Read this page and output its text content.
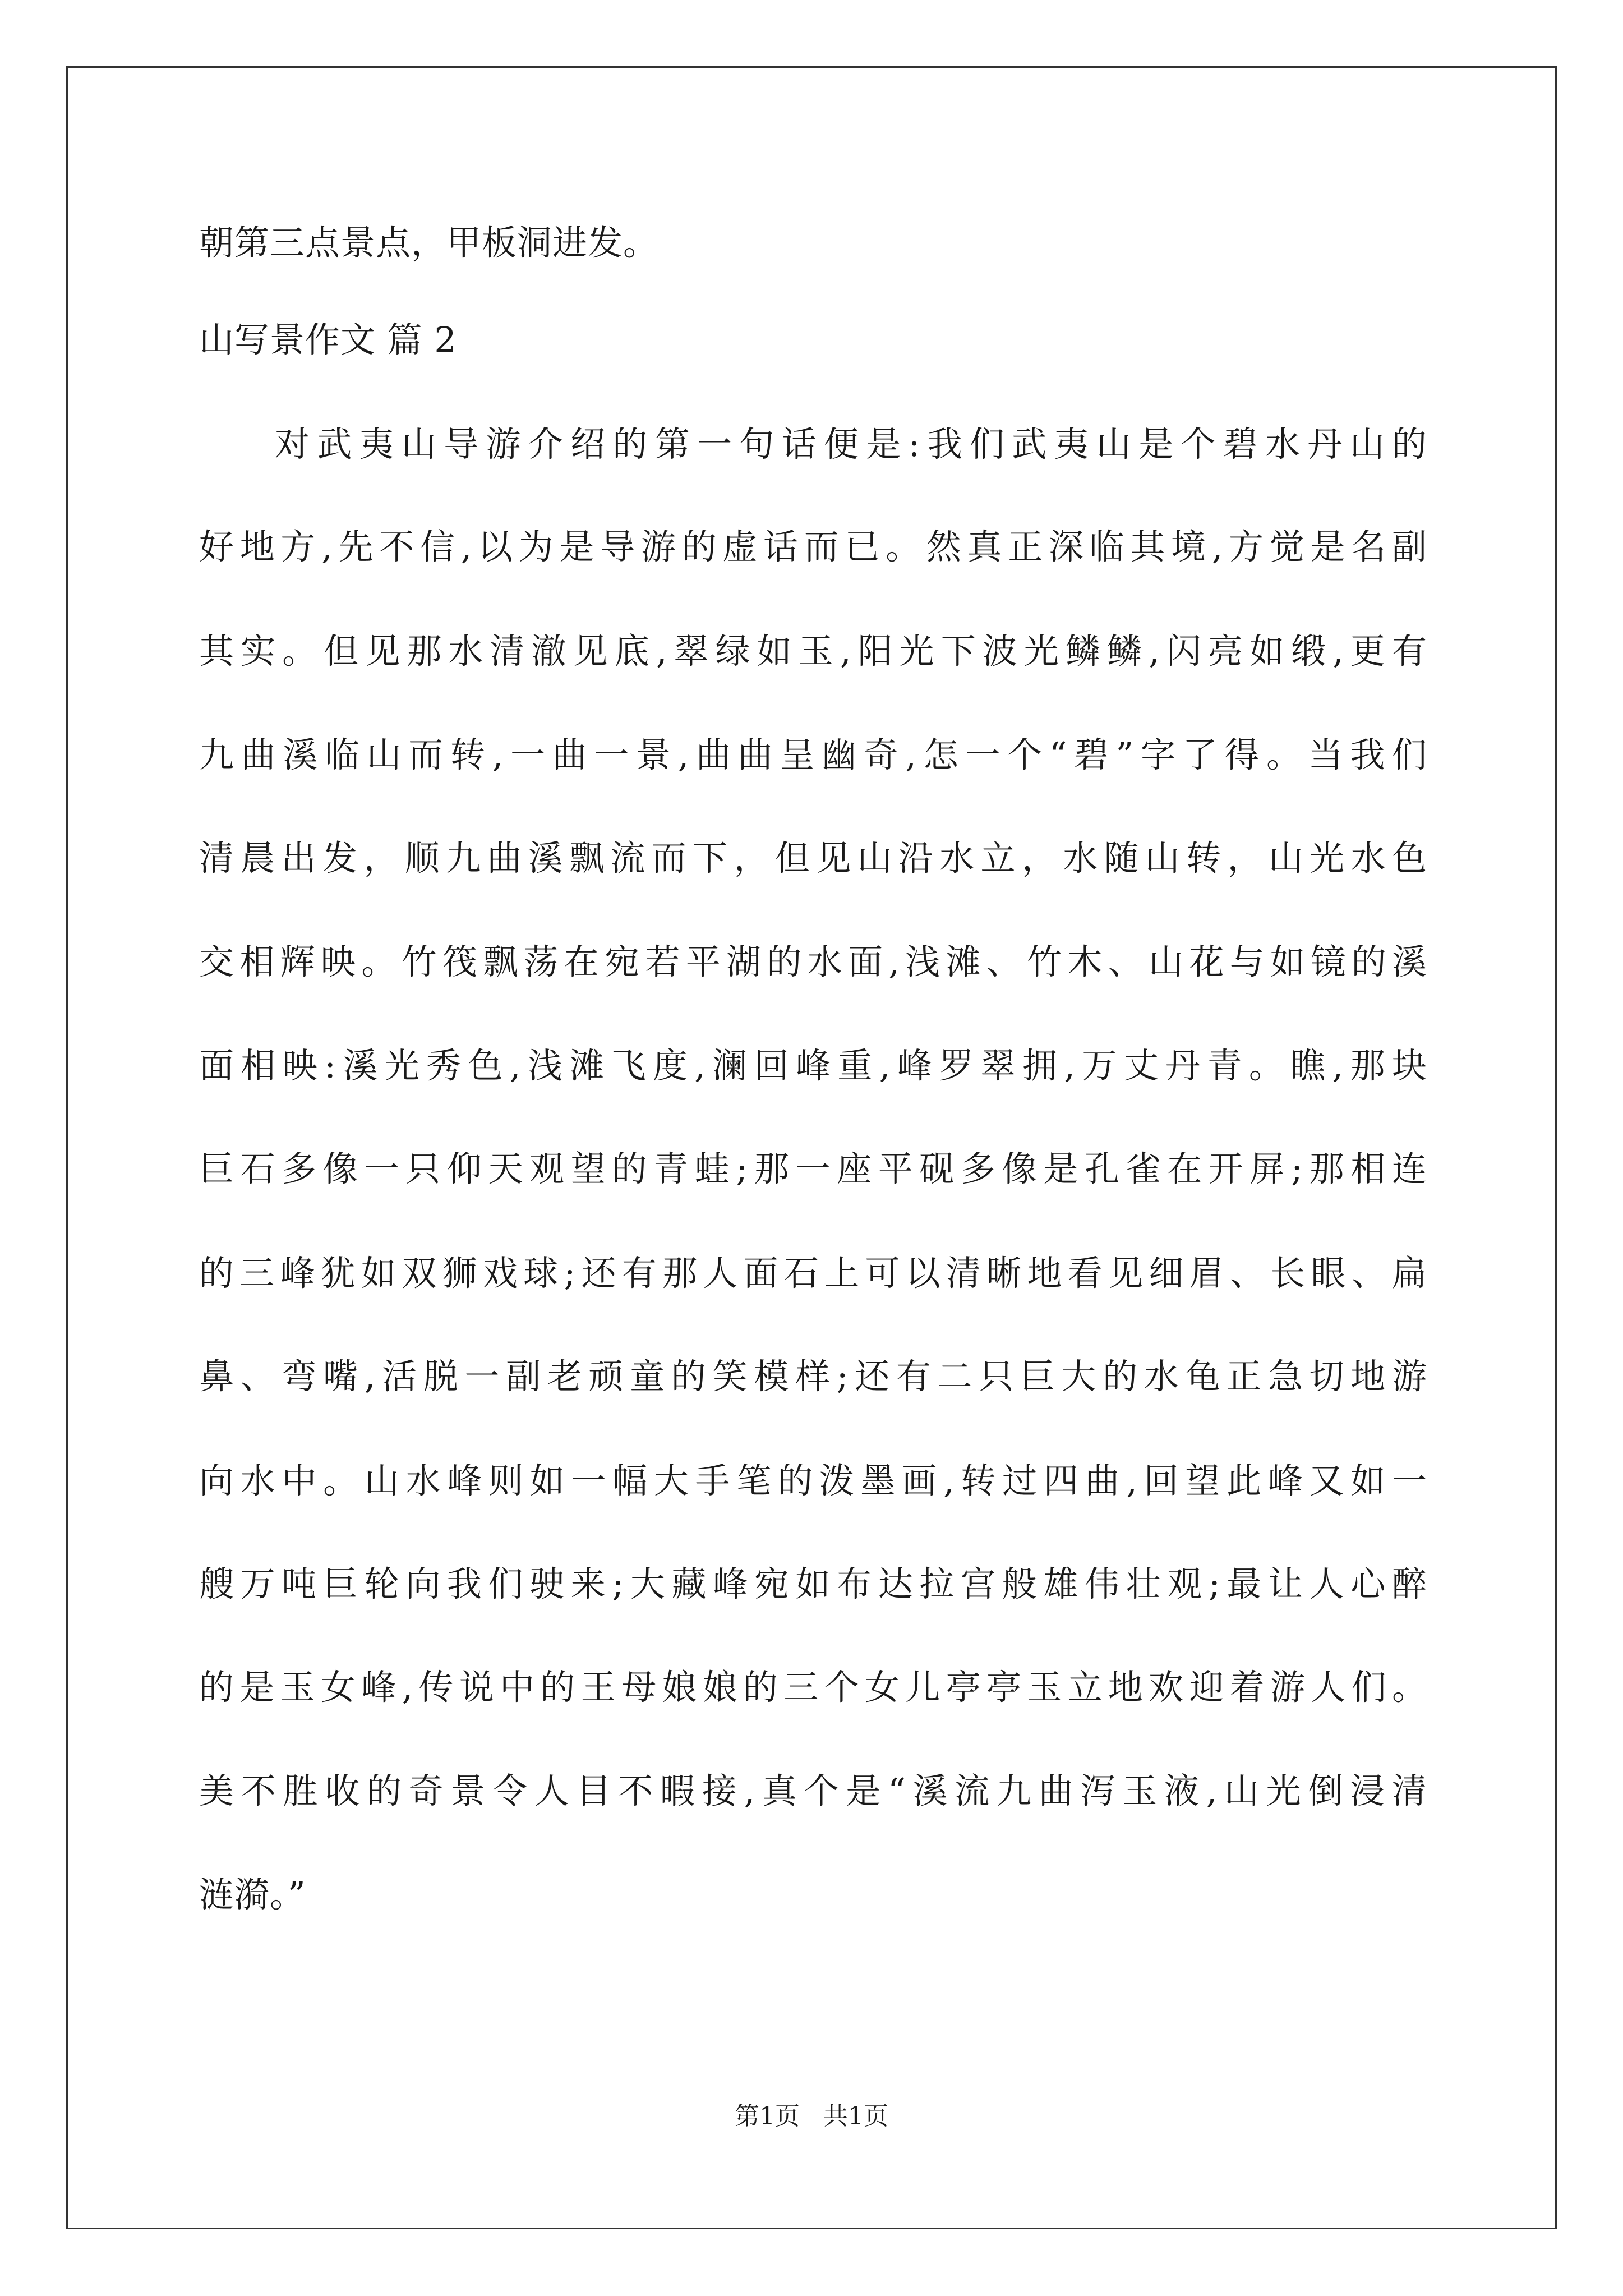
朝第三点景点，甲板洞进发。
山写景作文 篇 2
对武夷山导游介绍的第一句话便是:我们武夷山是个碧水丹山的
好地方,先不信,以为是导游的虚话而已。然真正深临其境,方觉是名副
其实。但见那水清澈见底,翠绿如玉,阳光下波光鳞鳞,闪亮如缎,更有
九曲溪临山而转,一曲一景,曲曲呈幽奇,怎一个“碧”字了得。当我们
清晨出发，顺九曲溪飘流而下，但见山沿水立，水随山转，山光水色
交相辉映。竹筏飘荡在宛若平湖的水面,浅滩、竹木、山花与如镜的溪
面相映:溪光秀色,浅滩飞度,澜回峰重,峰罗翠拥,万丈丹青。瞧,那块
巨石多像一只仰天观望的青蛙;那一座平砚多像是孔雀在开屏;那相连
的三峰犹如双狮戏球;还有那人面石上可以清晰地看见细眉、长眼、扁
鼻、弯嘴,活脱一副老顽童的笑模样;还有二只巨大的水龟正急切地游
向水中。山水峰则如一幅大手笔的泼墨画,转过四曲,回望此峰又如一
艘万吨巨轮向我们驶来;大藏峰宛如布达拉宫般雄伟壮观;最让人心醉
的是玉女峰,传说中的王母娘娘的三个女儿亭亭玉立地欢迎着游人们。
美不胜收的奇景令人目不暇接,真个是“溪流九曲泻玉液,山光倒浸清
涟漪。”
第1页   共1页
